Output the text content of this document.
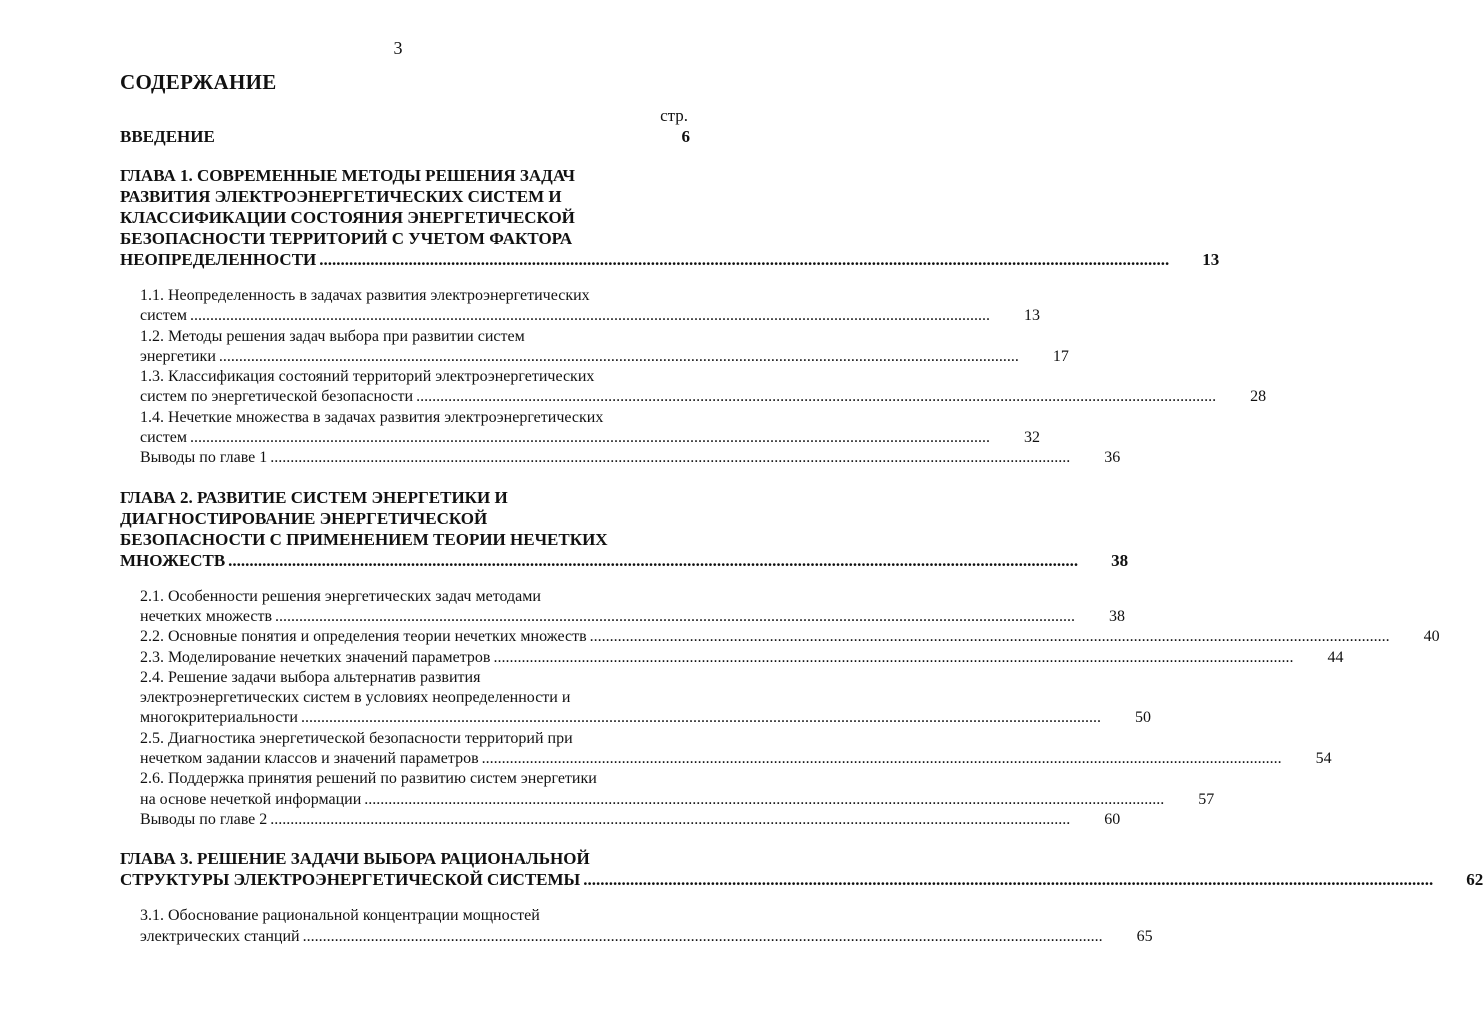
3
СОДЕРЖАНИЕ
стр.
ВВЕДЕНИЕ	6
ГЛАВА 1. СОВРЕМЕННЫЕ МЕТОДЫ РЕШЕНИЯ ЗАДАЧ
РАЗВИТИЯ ЭЛЕКТРОЭНЕРГЕТИЧЕСКИХ СИСТЕМ И
КЛАССИФИКАЦИИ СОСТОЯНИЯ ЭНЕРГЕТИЧЕСКОЙ
БЕЗОПАСНОСТИ ТЕРРИТОРИЙ С УЧЕТОМ ФАКТОРА
НЕОПРЕДЕЛЕННОСТИ ........................................................................................................................................................................................................	13
1.1. Неопределенность в задачах развития электроэнергетических
систем ........................................................................................................................................................................................................	13
1.2. Методы решения задач выбора при развитии систем
энергетики ........................................................................................................................................................................................................	17
1.3. Классификация состояний территорий электроэнергетических
систем по энергетической безопасности ........................................................................................................................................................................................................	28
1.4. Нечеткие множества в задачах развития электроэнергетических
систем ........................................................................................................................................................................................................	32
Выводы по главе 1 ........................................................................................................................................................................................................	36
ГЛАВА 2. РАЗВИТИЕ СИСТЕМ ЭНЕРГЕТИКИ И
ДИАГНОСТИРОВАНИЕ ЭНЕРГЕТИЧЕСКОЙ
БЕЗОПАСНОСТИ С ПРИМЕНЕНИЕМ ТЕОРИИ НЕЧЕТКИХ
МНОЖЕСТВ ........................................................................................................................................................................................................	38
2.1. Особенности решения энергетических задач методами
нечетких множеств ........................................................................................................................................................................................................	38
2.2. Основные понятия и определения теории нечетких множеств ........................................................................................................................................................................................................	40
2.3. Моделирование нечетких значений параметров ........................................................................................................................................................................................................	44
2.4. Решение задачи выбора альтернатив развития
электроэнергетических систем в условиях неопределенности и
многокритериальности ........................................................................................................................................................................................................	50
2.5. Диагностика энергетической безопасности территорий при
нечетком задании классов и значений параметров ........................................................................................................................................................................................................	54
2.6. Поддержка принятия решений по развитию систем энергетики
на основе нечеткой информации ........................................................................................................................................................................................................	57
Выводы по главе 2 ........................................................................................................................................................................................................	60
ГЛАВА 3. РЕШЕНИЕ ЗАДАЧИ ВЫБОРА РАЦИОНАЛЬНОЙ
СТРУКТУРЫ ЭЛЕКТРОЭНЕРГЕТИЧЕСКОЙ СИСТЕМЫ ........................................................................................................................................................................................................	62
3.1. Обоснование рациональной концентрации мощностей
электрических станций ........................................................................................................................................................................................................	65
